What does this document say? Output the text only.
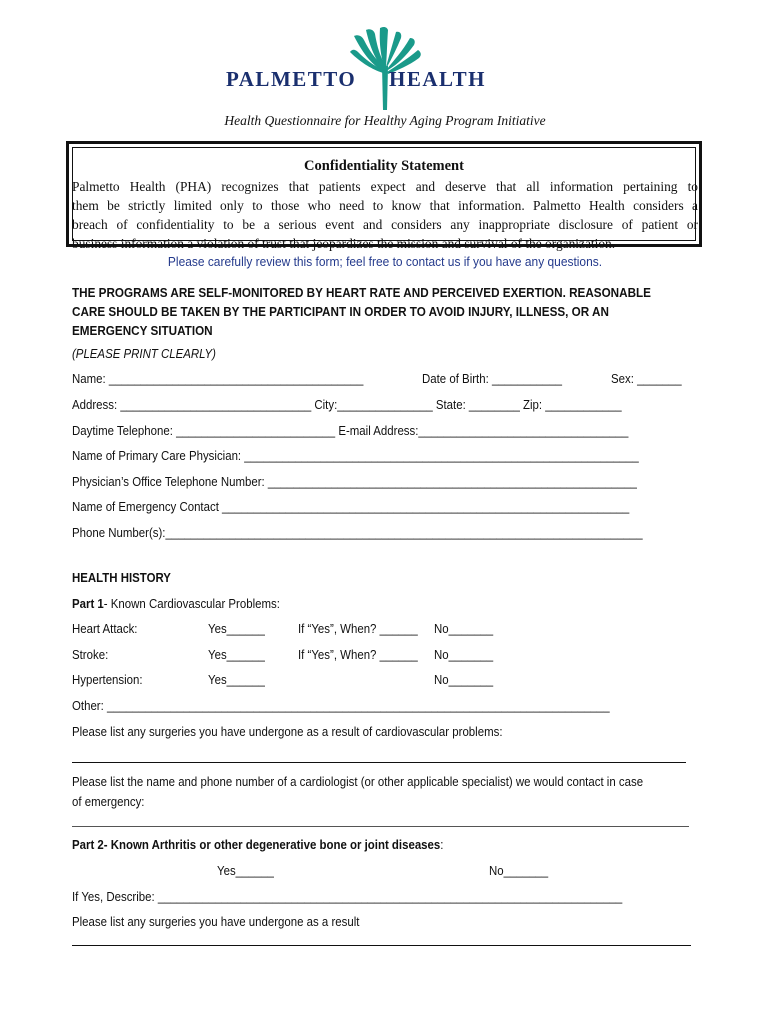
PALMETTO HEALTH
Health Questionnaire for Healthy Aging Program Initiative
Confidentiality Statement
Palmetto Health (PHA) recognizes that patients expect and deserve that all information pertaining to
them be strictly limited only to those who need to know that information. Palmetto Health considers a
breach of confidentiality to be a serious event and considers any inappropriate disclosure of patient or
business information a violation of trust that jeopardizes the mission and survival of the organization.
Please carefully review this form; feel free to contact us if you have any questions.
THE PROGRAMS ARE SELF-MONITORED BY HEART RATE AND PERCEIVED EXERTION. REASONABLE
CARE SHOULD BE TAKEN BY THE PARTICIPANT IN ORDER TO AVOID INJURY, ILLNESS, OR AN
EMERGENCY SITUATION
(PLEASE PRINT CLEARLY)
Name: ________________________________________	Date of Birth: ___________	Sex: _______
Address: ______________________________ City:_______________ State: ________ Zip: ____________
Daytime Telephone: _________________________ E-mail Address:_________________________________
Name of Primary Care Physician: ______________________________________________________________
Physician’s Office Telephone Number: __________________________________________________________
Name of Emergency Contact ________________________________________________________________
Phone Number(s):___________________________________________________________________________
HEALTH HISTORY
Part 1- Known Cardiovascular Problems:
Heart Attack:	Yes______	If “Yes”, When? ______ No_______
Stroke:	Yes______	If “Yes”, When? ______ No_______
Hypertension:	Yes______	No_______
Other: _______________________________________________________________________________
Please list any surgeries you have undergone as a result of cardiovascular problems:
Please list the name and phone number of a cardiologist (or other applicable specialist) we would contact in case
of emergency:
Part 2- Known Arthritis or other degenerative bone or joint diseases:
Yes______	No_______
If Yes, Describe: _________________________________________________________________________
Please list any surgeries you have undergone as a result
